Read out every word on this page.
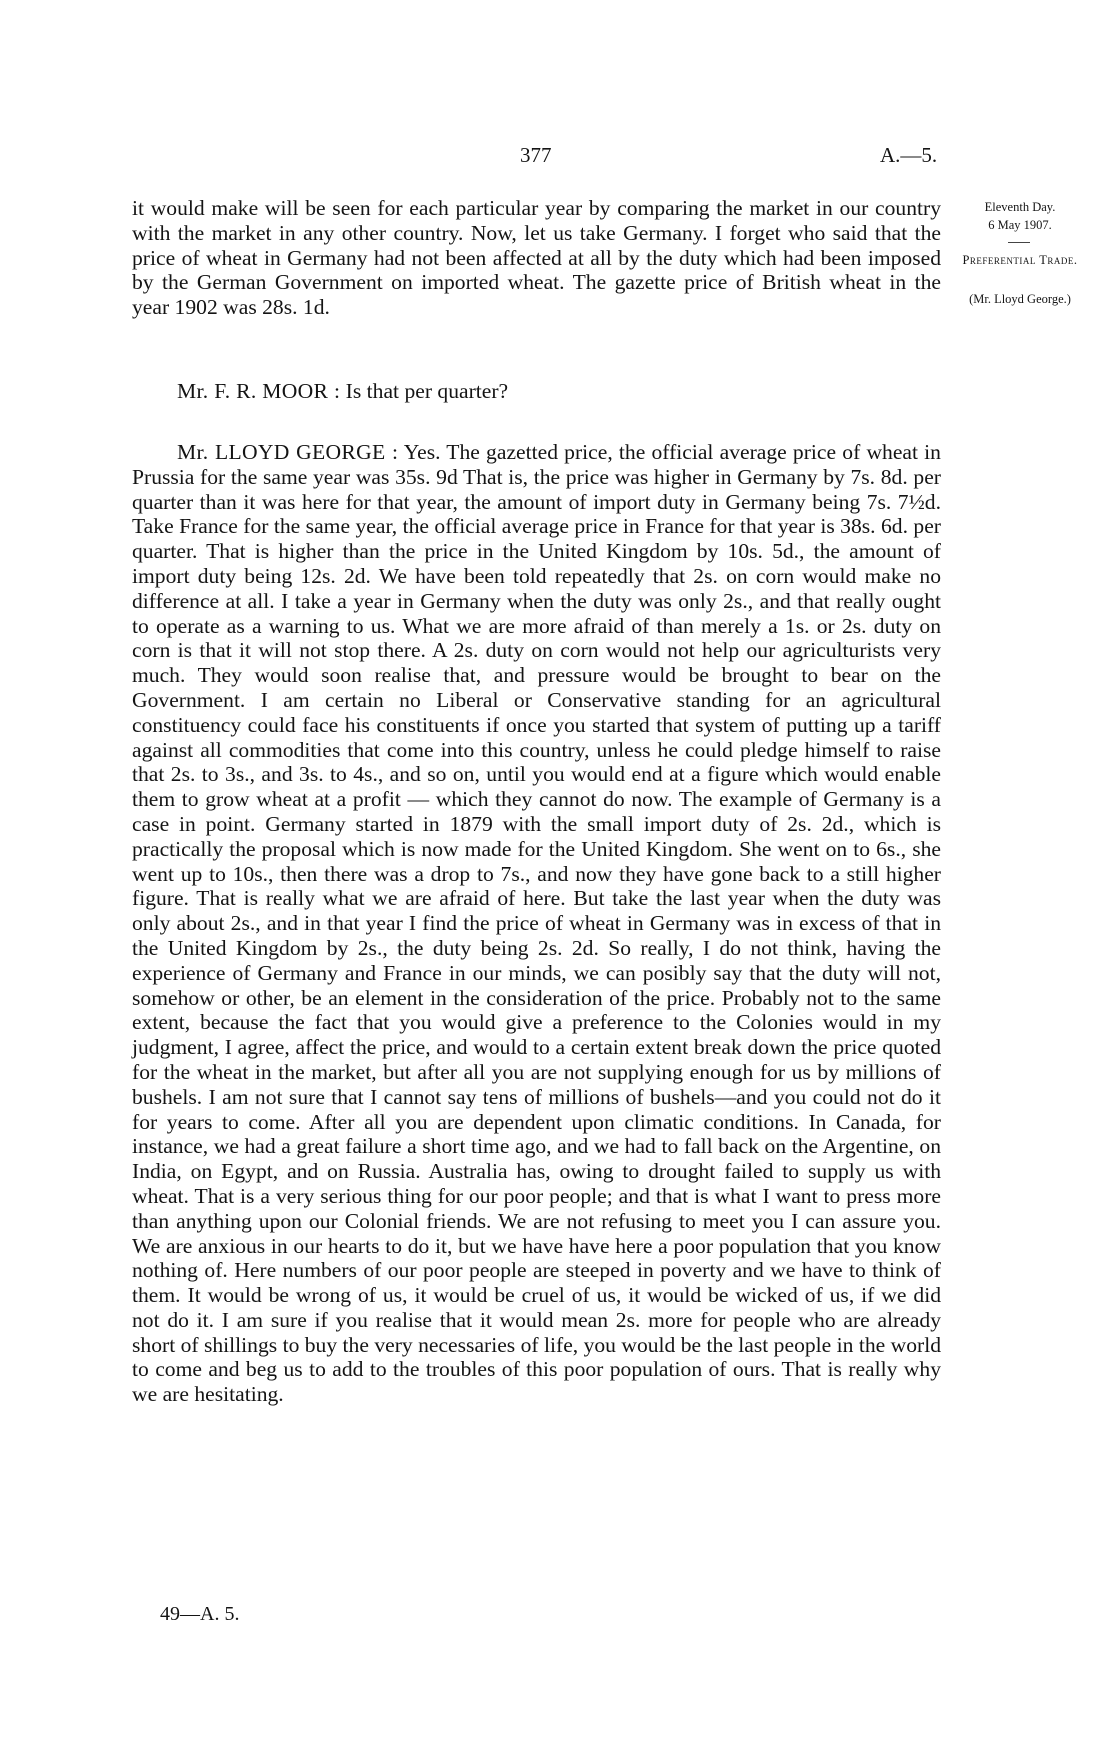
377	A.—5.
Eleventh Day.
6 May 1907.
Preferential Trade.
(Mr. Lloyd George.)

it would make will be seen for each particular year by comparing the market in our country with the market in any other country. Now, let us take Germany. I forget who said that the price of wheat in Germany had not been affected at all by the duty which had been imposed by the German Government on imported wheat. The gazette price of British wheat in the year 1902 was 28s. 1d.

Mr. F. R. MOOR : Is that per quarter?

Mr. LLOYD GEORGE : Yes. The gazetted price, the official average price of wheat in Prussia for the same year was 35s. 9d That is, the price was higher in Germany by 7s. 8d. per quarter than it was here for that year, the amount of import duty in Germany being 7s. 7½d. Take France for the same year, the official average price in France for that year is 38s. 6d. per quarter. That is higher than the price in the United Kingdom by 10s. 5d., the amount of import duty being 12s. 2d. We have been told repeatedly that 2s. on corn would make no difference at all. I take a year in Germany when the duty was only 2s., and that really ought to operate as a warning to us. What we are more afraid of than merely a 1s. or 2s. duty on corn is that it will not stop there. A 2s. duty on corn would not help our agriculturists very much. They would soon realise that, and pressure would be brought to bear on the Government. I am certain no Liberal or Conservative standing for an agricultural constituency could face his constituents if once you started that system of putting up a tariff against all commodities that come into this country, unless he could pledge himself to raise that 2s. to 3s., and 3s. to 4s., and so on, until you would end at a figure which would enable them to grow wheat at a profit — which they cannot do now. The example of Germany is a case in point. Germany started in 1879 with the small import duty of 2s. 2d., which is practically the proposal which is now made for the United Kingdom. She went on to 6s., she went up to 10s., then there was a drop to 7s., and now they have gone back to a still higher figure. That is really what we are afraid of here. But take the last year when the duty was only about 2s., and in that year I find the price of wheat in Germany was in excess of that in the United Kingdom by 2s., the duty being 2s. 2d. So really, I do not think, having the experience of Germany and France in our minds, we can posibly say that the duty will not, somehow or other, be an element in the consideration of the price. Probably not to the same extent, because the fact that you would give a preference to the Colonies would in my judgment, I agree, affect the price, and would to a certain extent break down the price quoted for the wheat in the market, but after all you are not supplying enough for us by millions of bushels. I am not sure that I cannot say tens of millions of bushels—and you could not do it for years to come. After all you are dependent upon climatic conditions. In Canada, for instance, we had a great failure a short time ago, and we had to fall back on the Argentine, on India, on Egypt, and on Russia. Australia has, owing to drought failed to supply us with wheat. That is a very serious thing for our poor people; and that is what I want to press more than anything upon our Colonial friends. We are not refusing to meet you I can assure you. We are anxious in our hearts to do it, but we have have here a poor population that you know nothing of. Here numbers of our poor people are steeped in poverty and we have to think of them. It would be wrong of us, it would be cruel of us, it would be wicked of us, if we did not do it. I am sure if you realise that it would mean 2s. more for people who are already short of shillings to buy the very necessaries of life, you would be the last people in the world to come and beg us to add to the troubles of this poor population of ours. That is really why we are hesitating.

49—A. 5.
